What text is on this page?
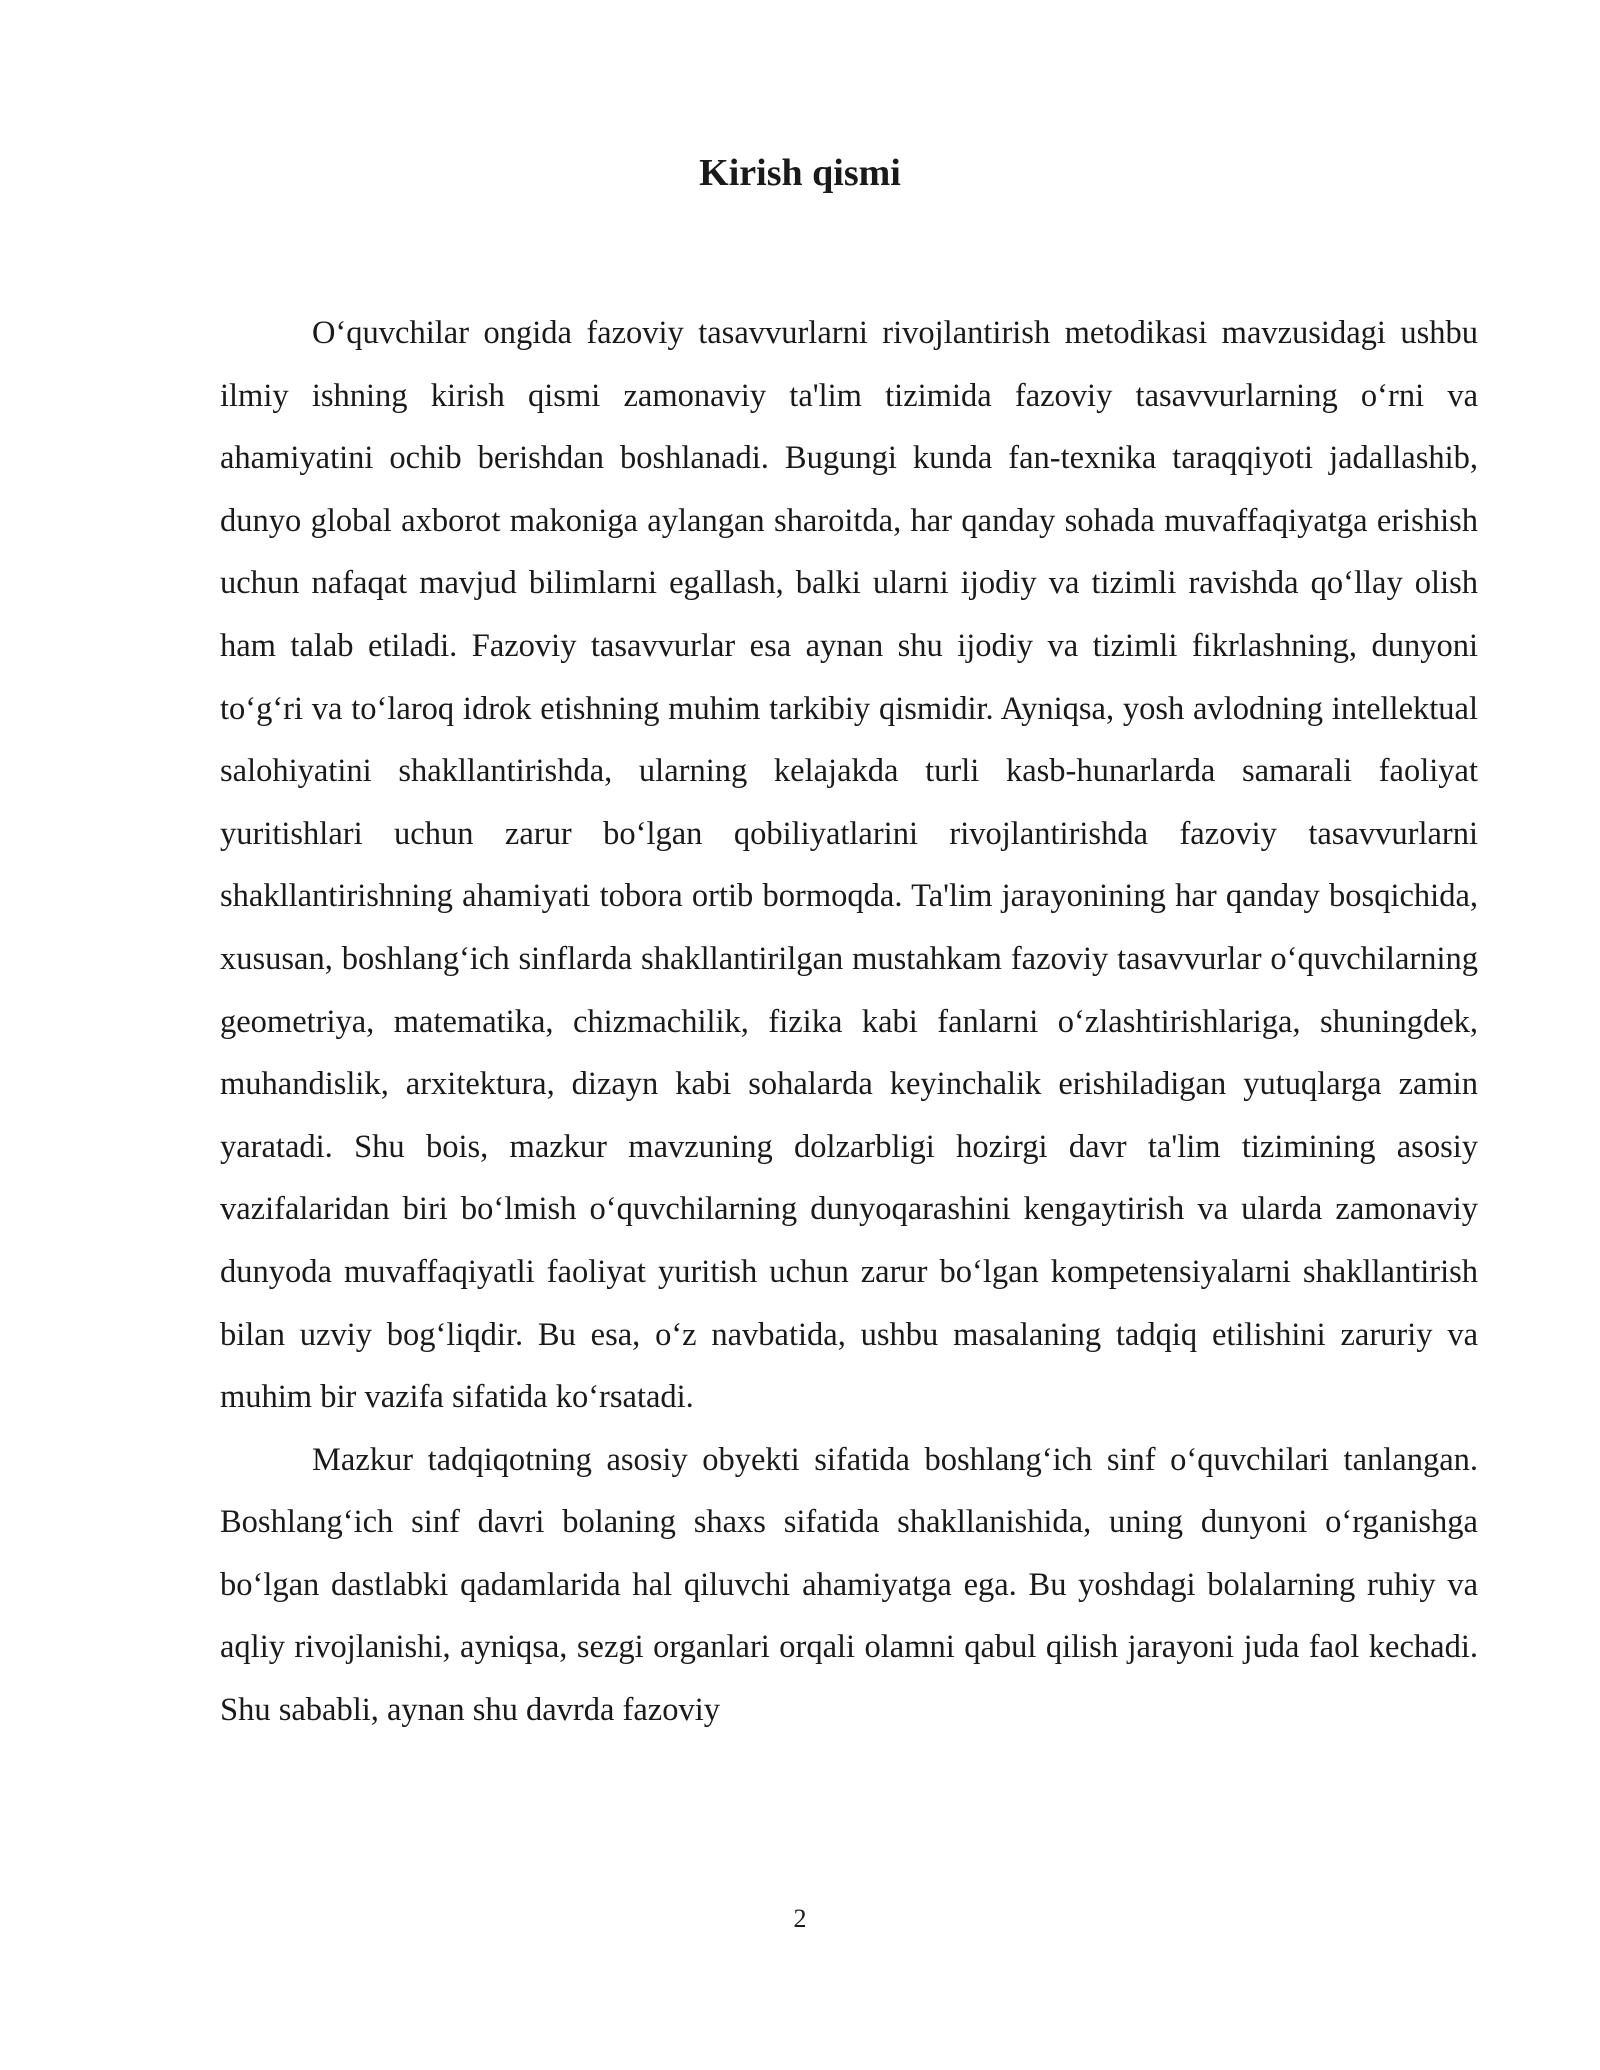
Kirish qismi

O‘quvchilar ongida fazoviy tasavvurlarni rivojlantirish metodikasi mavzusidagi ushbu ilmiy ishning kirish qismi zamonaviy ta'lim tizimida fazoviy tasavvurlarning o‘rni va ahamiyatini ochib berishdan boshlanadi. Bugungi kunda fan-texnika taraqqiyoti jadallashib, dunyo global axborot makoniga aylangan sharoitda, har qanday sohada muvaffaqiyatga erishish uchun nafaqat mavjud bilimlarni egallash, balki ularni ijodiy va tizimli ravishda qo‘llay olish ham talab etiladi. Fazoviy tasavvurlar esa aynan shu ijodiy va tizimli fikrlashning, dunyoni to‘g‘ri va to‘laroq idrok etishning muhim tarkibiy qismidir. Ayniqsa, yosh avlodning intellektual salohiyatini shakllantirishda, ularning kelajakda turli kasb-hunarlarda samarali faoliyat yuritishlari uchun zarur bo‘lgan qobiliyatlarini rivojlantirishda fazoviy tasavvurlarni shakllantirishning ahamiyati tobora ortib bormoqda. Ta'lim jarayonining har qanday bosqichida, xususan, boshlang‘ich sinflarda shakllantirilgan mustahkam fazoviy tasavvurlar o‘quvchilarning geometriya, matematika, chizmachilik, fizika kabi fanlarni o‘zlashtirishlariga, shuningdek, muhandislik, arxitektura, dizayn kabi sohalarda keyinchalik erishiladigan yutuqlarga zamin yaratadi. Shu bois, mazkur mavzuning dolzarbligi hozirgi davr ta'lim tizimining asosiy vazifalaridan biri bo‘lmish o‘quvchilarning dunyoqarashini kengaytirish va ularda zamonaviy dunyoda muvaffaqiyatli faoliyat yuritish uchun zarur bo‘lgan kompetensiyalarni shakllantirish bilan uzviy bog‘liqdir. Bu esa, o‘z navbatida, ushbu masalaning tadqiq etilishini zaruriy va muhim bir vazifa sifatida ko‘rsatadi.

Mazkur tadqiqotning asosiy obyekti sifatida boshlang‘ich sinf o‘quvchilari tanlangan. Boshlang‘ich sinf davri bolaning shaxs sifatida shakllanishida, uning dunyoni o‘rganishga bo‘lgan dastlabki qadamlarida hal qiluvchi ahamiyatga ega. Bu yoshdagi bolalarning ruhiy va aqliy rivojlanishi, ayniqsa, sezgi organlari orqali olamni qabul qilish jarayoni juda faol kechadi. Shu sababli, aynan shu davrda fazoviy

2
